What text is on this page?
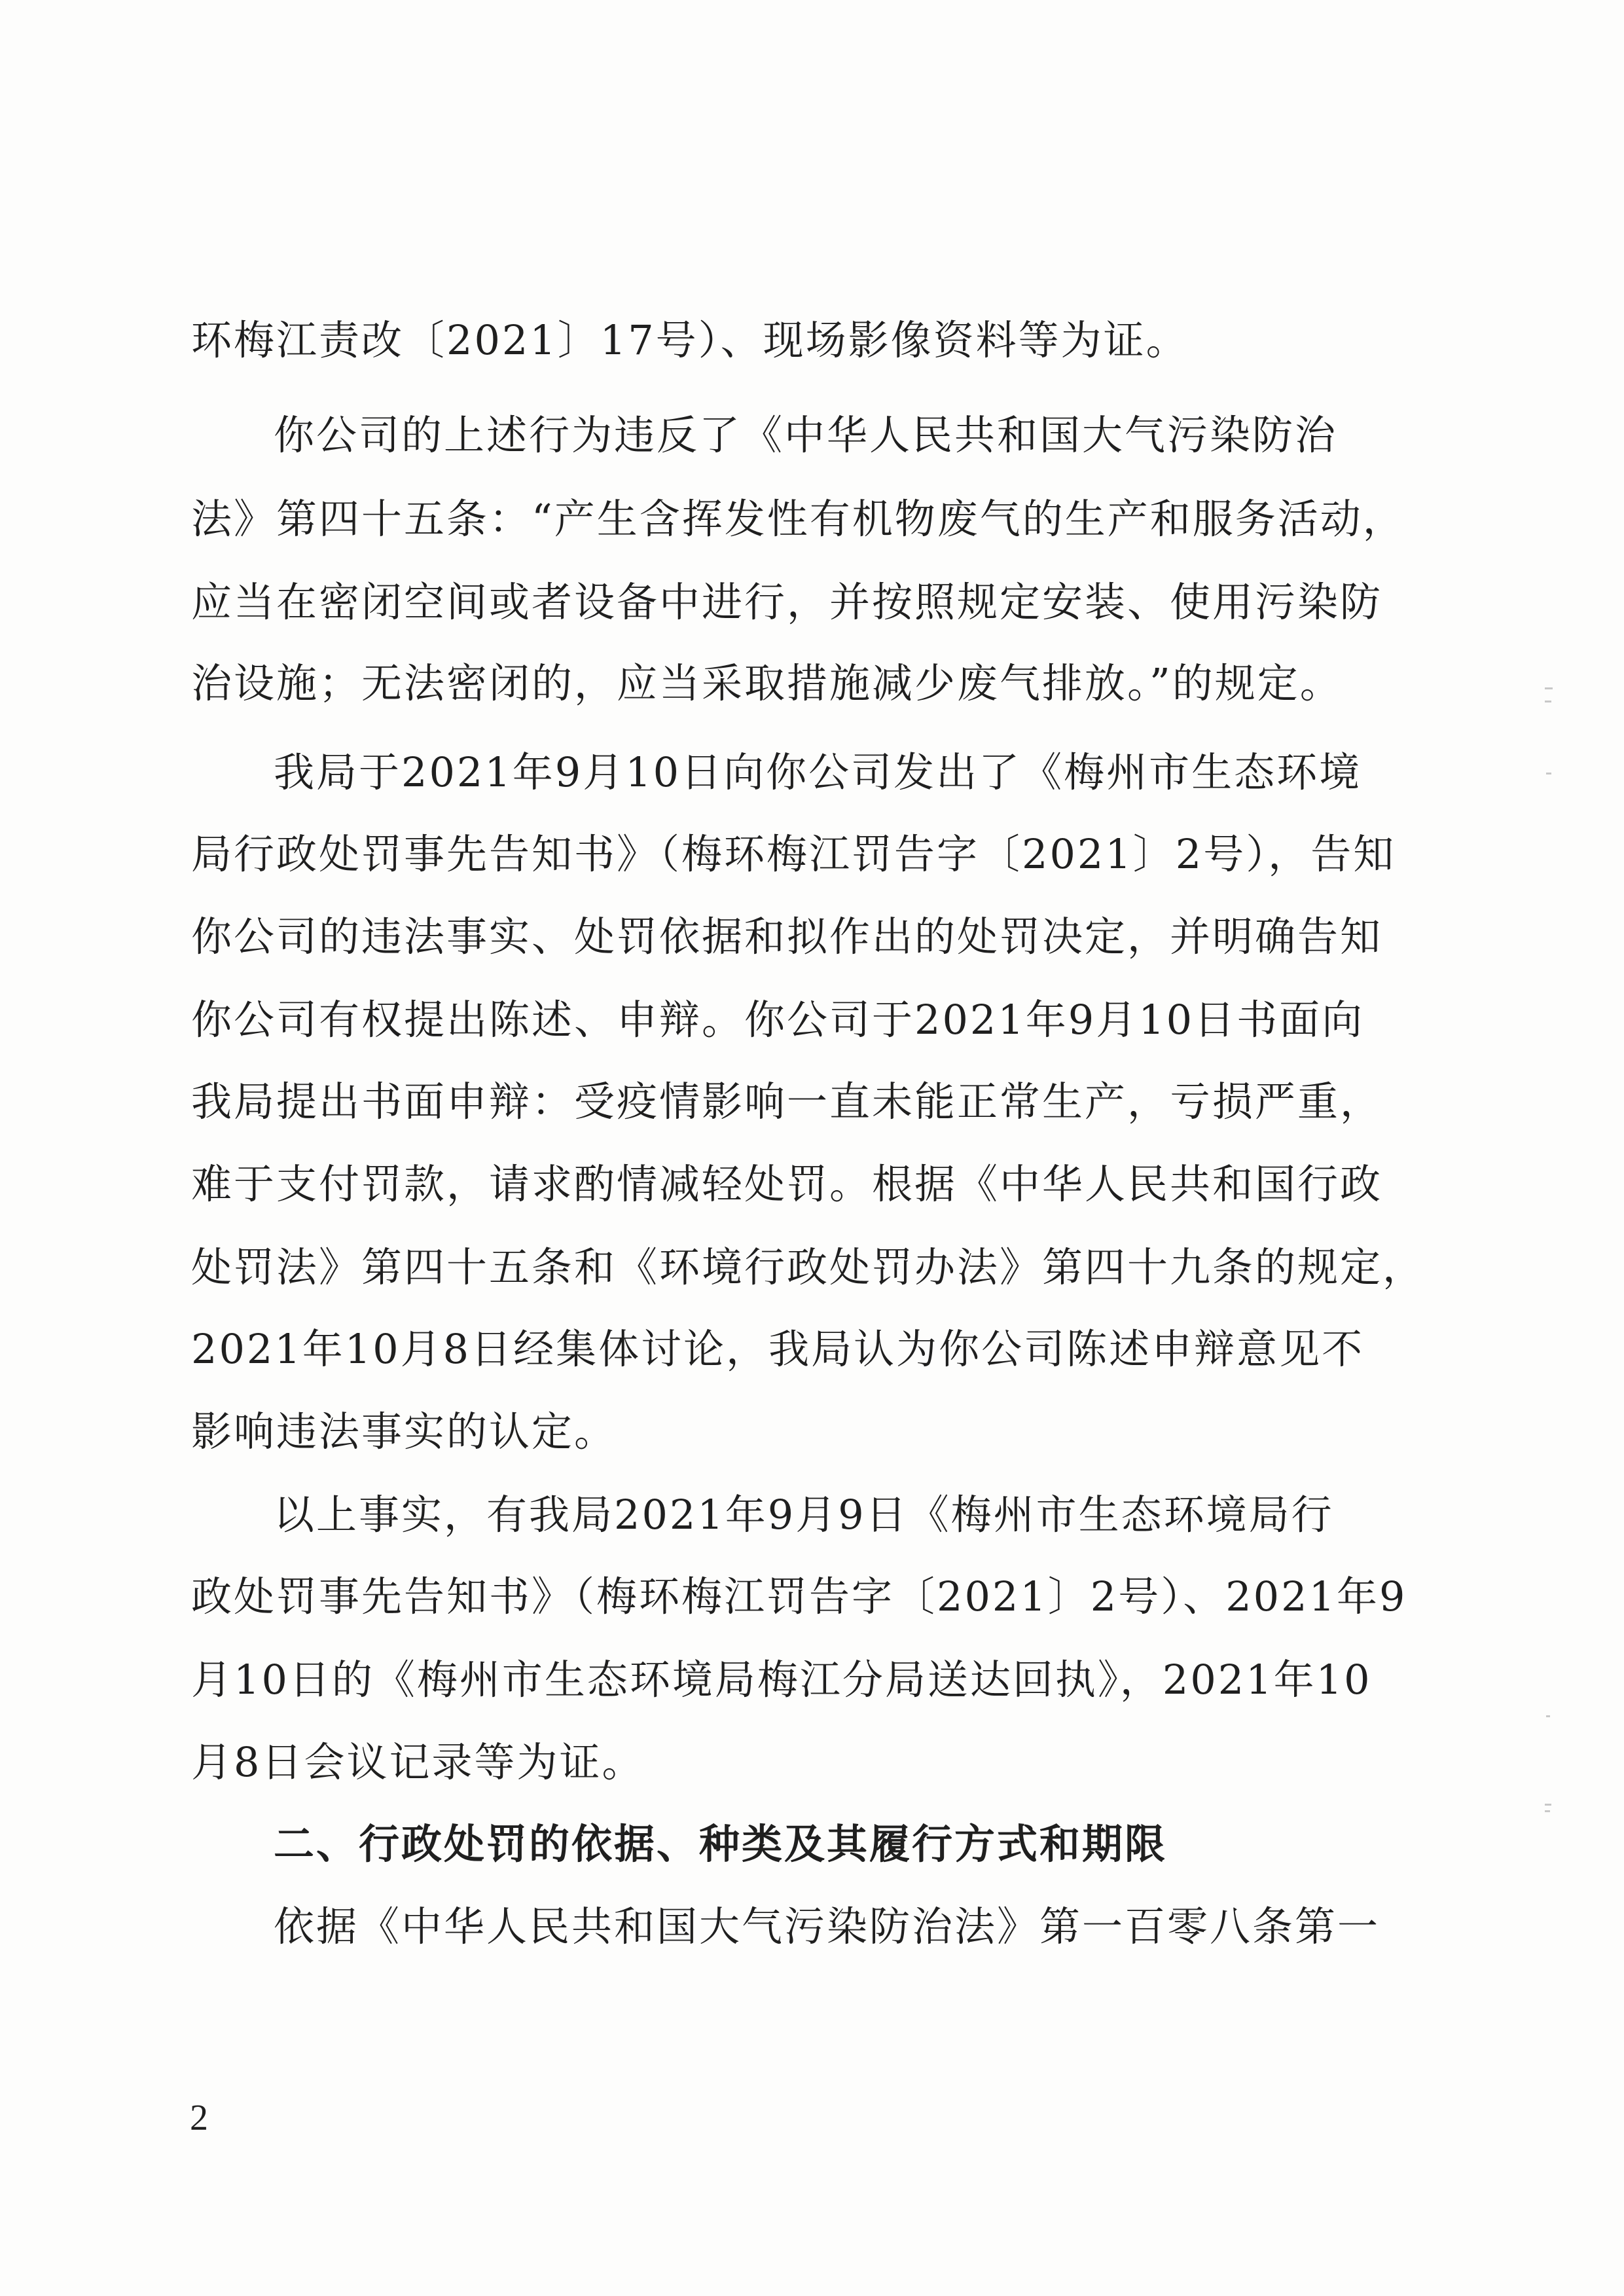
环梅江责改〔2021〕17号）、现场影像资料等为证。
你公司的上述行为违反了《中华人民共和国大气污染防治
法》第四十五条：“产生含挥发性有机物废气的生产和服务活动，
应当在密闭空间或者设备中进行，并按照规定安装、使用污染防
治设施；无法密闭的，应当采取措施减少废气排放。”的规定。
我局于2021年9月10日向你公司发出了《梅州市生态环境
局行政处罚事先告知书》（梅环梅江罚告字〔2021〕2号），告知
你公司的违法事实、处罚依据和拟作出的处罚决定，并明确告知
你公司有权提出陈述、申辩。你公司于2021年9月10日书面向
我局提出书面申辩：受疫情影响一直未能正常生产，亏损严重，
难于支付罚款，请求酌情减轻处罚。根据《中华人民共和国行政
处罚法》第四十五条和《环境行政处罚办法》第四十九条的规定，
2021年10月8日经集体讨论，我局认为你公司陈述申辩意见不
影响违法事实的认定。
以上事实，有我局2021年9月9日《梅州市生态环境局行
政处罚事先告知书》（梅环梅江罚告字〔2021〕2号）、2021年9
月10日的《梅州市生态环境局梅江分局送达回执》，2021年10
月8日会议记录等为证。
二、行政处罚的依据、种类及其履行方式和期限
依据《中华人民共和国大气污染防治法》第一百零八条第一
2
